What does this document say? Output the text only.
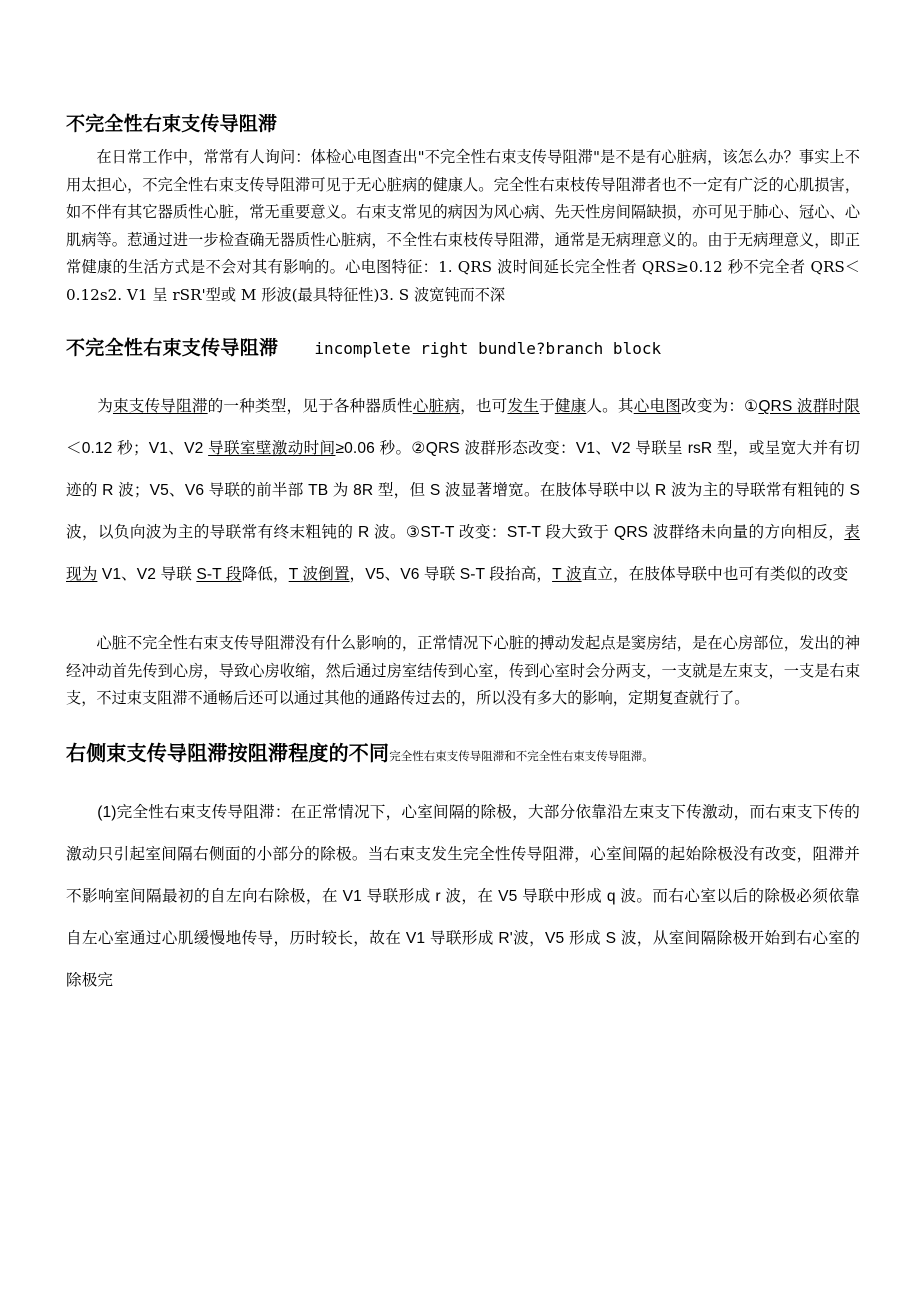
不完全性右束支传导阻滞

在日常工作中，常常有人询问：体检心电图查出"不完全性右束支传导阻滞"是不是有心脏病，该怎么办？事实上不用太担心，不完全性右束支传导阻滞可见于无心脏病的健康人。完全性右束枝传导阻滞者也不一定有广泛的心肌损害，如不伴有其它器质性心脏，常无重要意义。右束支常见的病因为风心病、先天性房间隔缺损，亦可见于肺心、冠心、心肌病等。惹通过进一步检查确无器质性心脏病，不全性右束枝传导阻滞，通常是无病理意义的。由于无病理意义，即正常健康的生活方式是不会对其有影响的。心电图特征：1. QRS 波时间延长完全性者 QRS≥0.12 秒不完全者 QRS＜0.12s2. V1 呈 rSR'型或 M 形波(最具特征性)3. S 波宽钝而不深

不完全性右束支传导阻滞 incomplete right bundle?branch block

为束支传导阻滞的一种类型，见于各种器质性心脏病，也可发生于健康人。其心电图改变为：①QRS 波群时限＜0.12 秒；V1、V2 导联室壁激动时间≥0.06 秒。②QRS 波群形态改变：V1、V2 导联呈 rsR 型，或呈宽大并有切迹的 R 波；V5、V6 导联的前半部 TB 为 8R 型，但 S 波显著增宽。在肢体导联中以 R 波为主的导联常有粗钝的 S 波，以负向波为主的导联常有终末粗钝的 R 波。③ST-T 改变：ST-T 段大致于 QRS 波群络未向量的方向相反，表现为 V1、V2 导联 S-T 段降低，T 波倒置，V5、V6 导联 S-T 段抬高，T 波直立，在肢体导联中也可有类似的改变

心脏不完全性右束支传导阻滞没有什么影响的，正常情况下心脏的搏动发起点是窦房结，是在心房部位，发出的神经冲动首先传到心房，导致心房收缩，然后通过房室结传到心室，传到心室时会分两支，一支就是左束支，一支是右束支，不过束支阻滞不通畅后还可以通过其他的通路传过去的，所以没有多大的影响，定期复查就行了。

右侧束支传导阻滞按阻滞程度的不同 完全性右束支传导阻滞和不完全性右束支传导阻滞。

(1)完全性右束支传导阻滞：在正常情况下，心室间隔的除极，大部分依靠沿左束支下传激动，而右束支下传的激动只引起室间隔右侧面的小部分的除极。当右束支发生完全性传导阻滞，心室间隔的起始除极没有改变，阻滞并不影响室间隔最初的自左向右除极，在 V1 导联形成 r 波，在 V5 导联中形成 q 波。而右心室以后的除极必须依靠自左心室通过心肌缓慢地传导，历时较长，故在 V1 导联形成 R'波，V5 形成 S 波，从室间隔除极开始到右心室的除极完
